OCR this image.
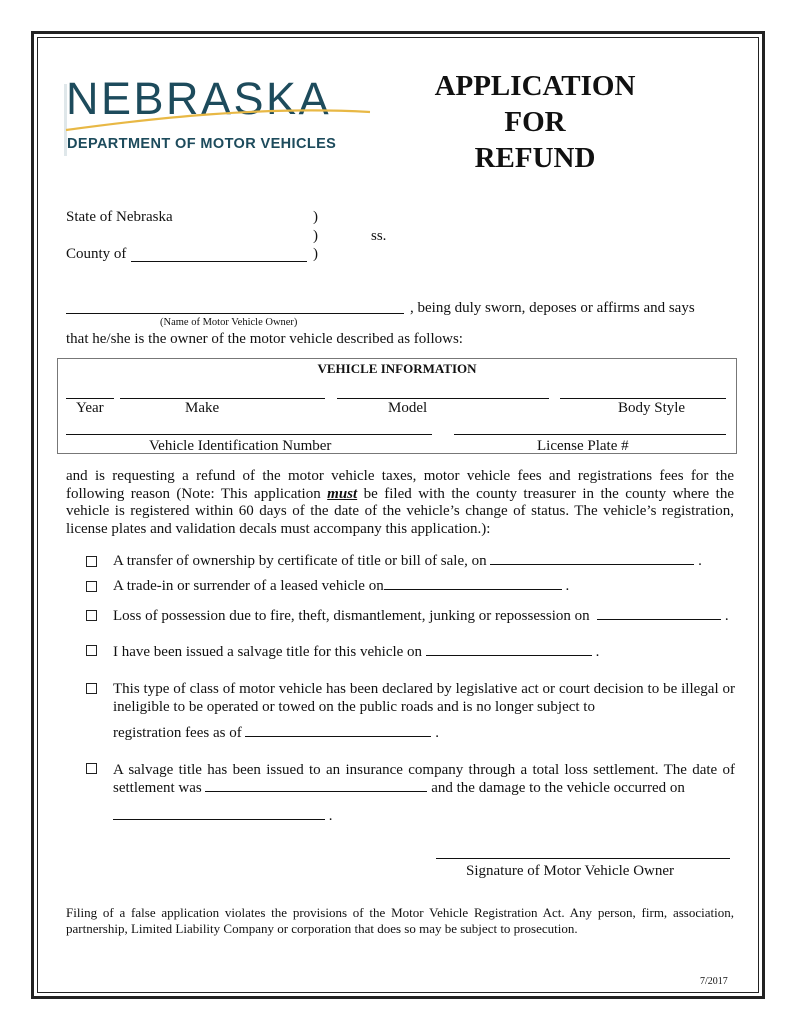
NEBRASKA
DEPARTMENT OF MOTOR VEHICLES
APPLICATION
FOR
REFUND
State of Nebraska	)
)	ss.
County of	)
, being duly sworn, deposes or affirms and says
(Name of Motor Vehicle Owner)
that he/she is the owner of the motor vehicle described as follows:
VEHICLE INFORMATION
Year	Make	Model	Body Style
Vehicle Identification Number	License Plate #
and is requesting a refund of the motor vehicle taxes, motor vehicle fees and registrations fees for the following reason (Note: This application must be filed with the county treasurer in the county where the vehicle is registered within 60 days of the date of the vehicle’s change of status. The vehicle’s registration, license plates and validation decals must accompany this application.):
A transfer of ownership by certificate of title or bill of sale, on	.
A trade-in or surrender of a leased vehicle on	.
Loss of possession due to fire, theft, dismantlement, junking or repossession on	.
I have been issued a salvage title for this vehicle on	.
This type of class of motor vehicle has been declared by legislative act or court decision to be illegal or ineligible to be operated or towed on the public roads and is no longer subject to
registration fees as of	.
A salvage title has been issued to an insurance company through a total loss settlement. The date of settlement was	and the damage to the vehicle occurred on
.
Signature of Motor Vehicle Owner
Filing of a false application violates the provisions of the Motor Vehicle Registration Act. Any person, firm, association, partnership, Limited Liability Company or corporation that does so may be subject to prosecution.
7/2017
